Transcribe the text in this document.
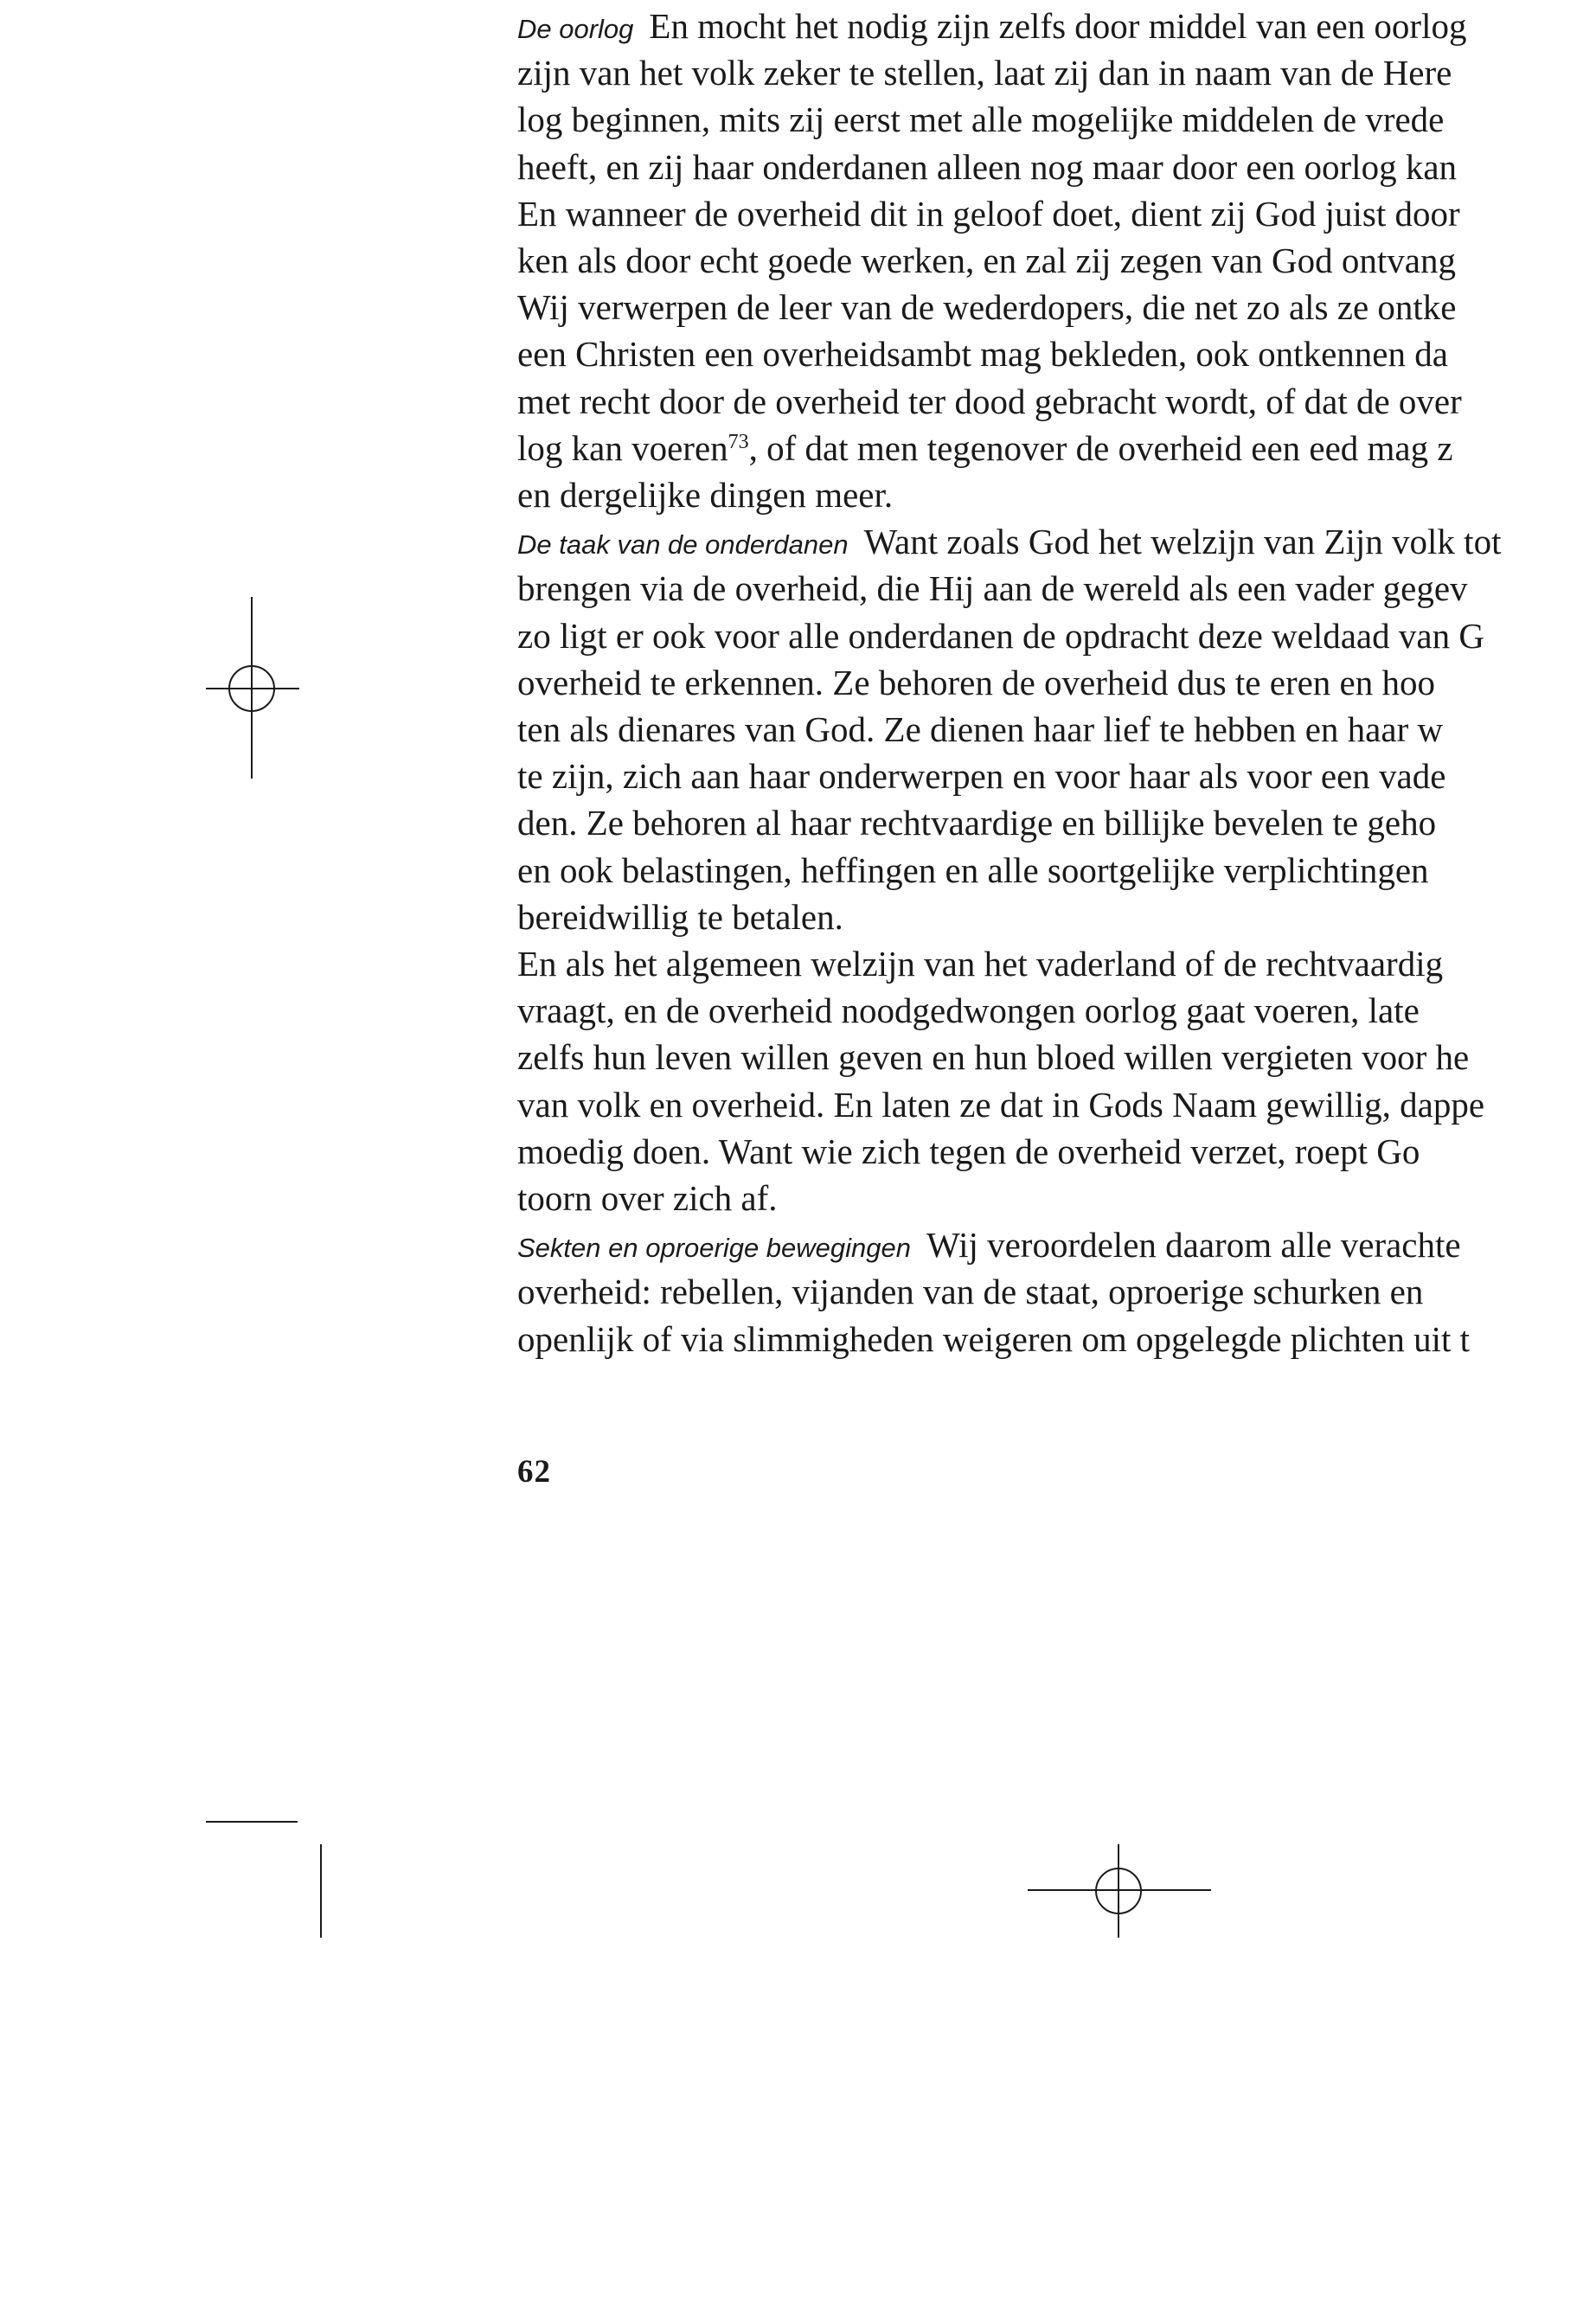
De oorlog En mocht het nodig zijn zelfs door middel van een oorlog
zijn van het volk zeker te stellen, laat zij dan in naam van de Here
log beginnen, mits zij eerst met alle mogelijke middelen de vrede
heeft, en zij haar onderdanen alleen nog maar door een oorlog kan
En wanneer de overheid dit in geloof doet, dient zij God juist door
ken als door echt goede werken, en zal zij zegen van God ontvang
Wij verwerpen de leer van de wederdopers, die net zo als ze ontke
een Christen een overheidsambt mag bekleden, ook ontkennen da
met recht door de overheid ter dood gebracht wordt, of dat de over
log kan voeren$^{73}$, of dat men tegenover de overheid een eed mag z
en dergelijke dingen meer.
De taak van de onderdanen Want zoals God het welzijn van Zijn volk tot
brengen via de overheid, die Hij aan de wereld als een vader gegev
zo ligt er ook voor alle onderdanen de opdracht deze weldaad van G
overheid te erkennen. Ze behoren de overheid dus te eren en hoo
ten als dienares van God. Ze dienen haar lief te hebben en haar w
te zijn, zich aan haar onderwerpen en voor haar als voor een vade
den. Ze behoren al haar rechtvaardige en billijke bevelen te geho
en ook belastingen, heffingen en alle soortgelijke verplichtingen
bereidwillig te betalen.
En als het algemeen welzijn van het vaderland of de rechtvaardig
vraagt, en de overheid noodgedwongen oorlog gaat voeren, late
zelfs hun leven willen geven en hun bloed willen vergieten voor he
van volk en overheid. En laten ze dat in Gods Naam gewillig, dappe
moedig doen. Want wie zich tegen de overheid verzet, roept Go
toorn over zich af.
Sekten en oproerige bewegingen Wij veroordelen daarom alle verachte
overheid: rebellen, vijanden van de staat, oproerige schurken en
openlijk of via slimmigheden weigeren om opgelegde plichten uit t
62
